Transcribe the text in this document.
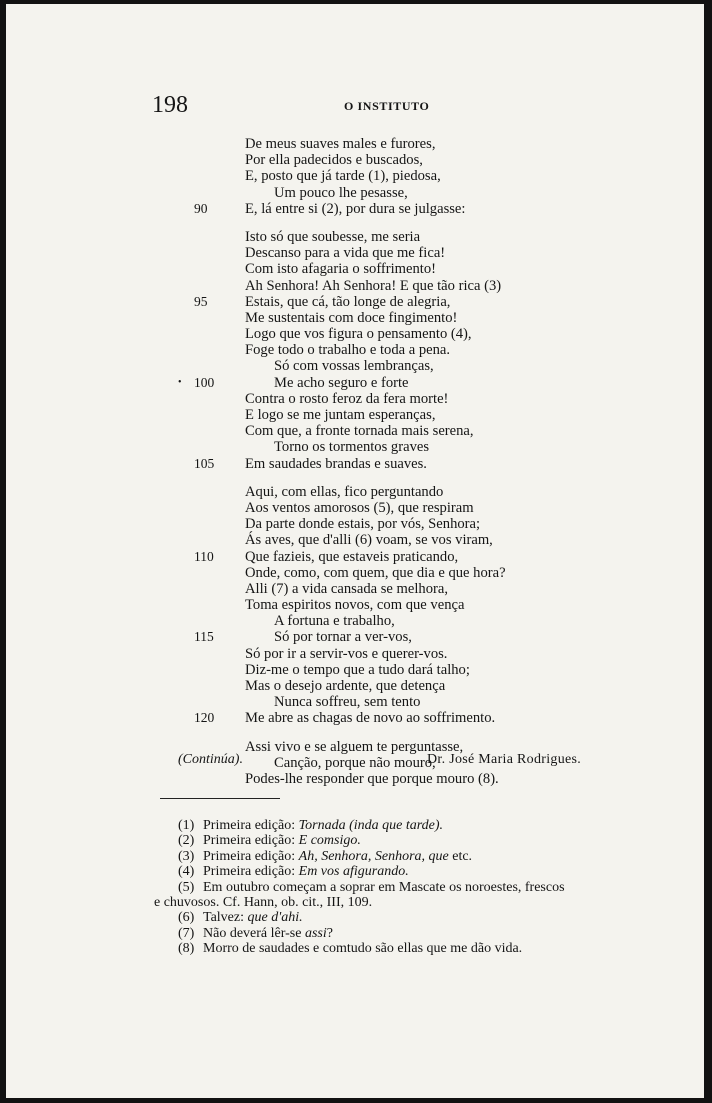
198	O INSTITUTO
De meus suaves males e furores,
Por ella padecidos e buscados,
E, posto que já tarde (1), piedosa,
Um pouco lhe pesasse,
90	E, lá entre si (2), por dura se julgasse:
Isto só que soubesse, me seria
Descanso para a vida que me fica!
Com isto afagaria o soffrimento!
Ah Senhora! Ah Senhora! E que tão rica (3)
95	Estais, que cá, tão longe de alegria,
Me sustentais com doce fingimento!
Logo que vos figura o pensamento (4),
Foge todo o trabalho e toda a pena.
Só com vossas lembranças,
• 100	Me acho seguro e forte
Contra o rosto feroz da fera morte!
E logo se me juntam esperanças,
Com que, a fronte tornada mais serena,
Torno os tormentos graves
105	Em saudades brandas e suaves.
Aqui, com ellas, fico perguntando
Aos ventos amorosos (5), que respiram
Da parte donde estais, por vós, Senhora;
Ás aves, que d'alli (6) voam, se vos viram,
110	Que fazieis, que estaveis praticando,
Onde, como, com quem, que dia e que hora?
Alli (7) a vida cansada se melhora,
Toma espiritos novos, com que vença
A fortuna e trabalho,
115	Só por tornar a ver-vos,
Só por ir a servir-vos e querer-vos.
Diz-me o tempo que a tudo dará talho;
Mas o desejo ardente, que detença
Nunca soffreu, sem tento
120	Me abre as chagas de novo ao soffrimento.
Assi vivo e se alguem te perguntasse,
Canção, porque não mouro,
Podes-lhe responder que porque mouro (8).
(Continúa).	Dr. José Maria Rodrigues.
(1) Primeira edição: Tornada (inda que tarde).
(2) Primeira edição: E comsigo.
(3) Primeira edição: Ah, Senhora, Senhora, que etc.
(4) Primeira edição: Em vos afigurando.
(5) Em outubro começam a soprar em Mascate os noroestes, frescos
e chuvosos. Cf. Hann, ob. cit., III, 109.
(6) Talvez: que d'ahi.
(7) Não deverá lêr-se assi?
(8) Morro de saudades e comtudo são ellas que me dão vida.
